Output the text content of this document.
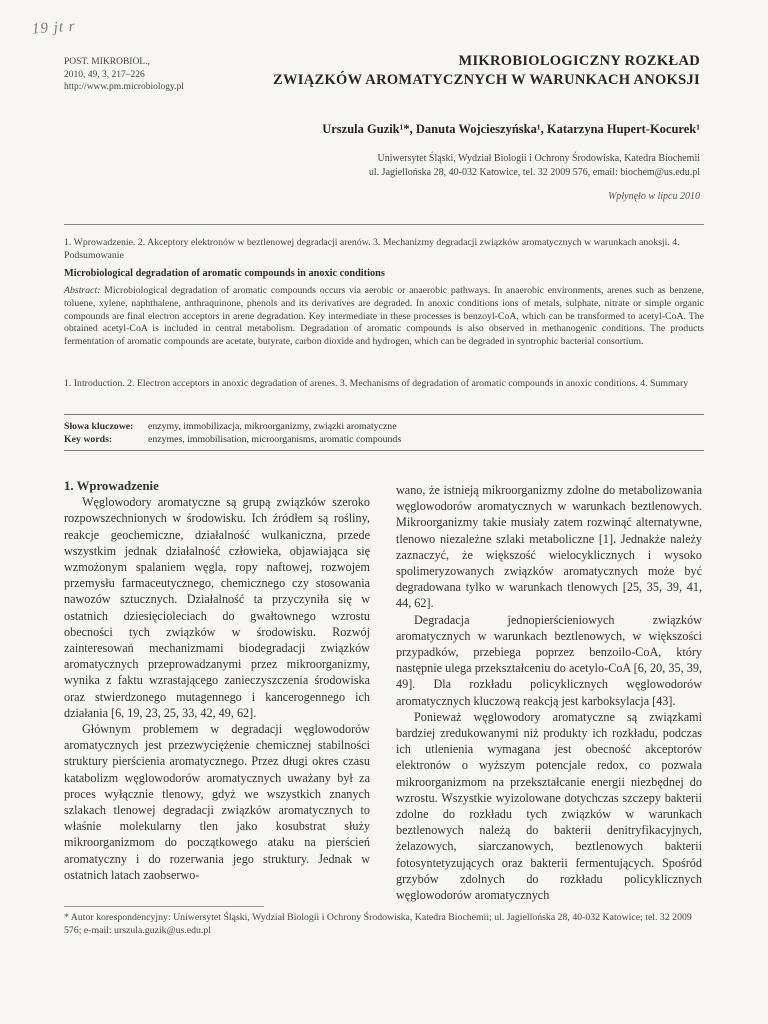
19 jt r
POST. MIKROBIOL.,
2010, 49, 3, 217–226
http://www.pm.microbiology.pl
MIKROBIOLOGICZNY ROZKŁAD
ZWIĄZKÓW AROMATYCZNYCH W WARUNKACH ANOKSJI
Urszula Guzik¹*, Danuta Wojcieszyńska¹, Katarzyna Hupert-Kocurek¹
Uniwersytet Śląski, Wydział Biologii i Ochrony Środowiska, Katedra Biochemii
ul. Jagiellońska 28, 40-032 Katowice, tel. 32 2009 576, email: biochem@us.edu.pl
Wpłynęło w lipcu 2010
1. Wprowadzenie. 2. Akceptory elektronów w beztlenowej degradacji arenów. 3. Mechanizmy degradacji związków aromatycznych w warunkach anoksji. 4. Podsumowanie
Microbiological degradation of aromatic compounds in anoxic conditions
Abstract: Microbiological degradation of aromatic compounds occurs via aerobic or anaerobic pathways. In anaerobic environments, arenes such as benzene, toluene, xylene, naphthalene, anthraquinone, phenols and its derivatives are degraded. In anoxic conditions ions of metals, sulphate, nitrate or simple organic compounds are final electron acceptors in arene degradation. Key intermediate in these processes is benzoyl-CoA, which can be transformed to acetyl-CoA. The obtained acetyl-CoA is included in central metabolism. Degradation of aromatic compounds is also observed in methanogenic conditions. The products fermentation of aromatic compounds are acetate, butyrate, carbon dioxide and hydrogen, which can be degraded in syntrophic bacterial consortium.
1. Introduction. 2. Electron acceptors in anoxic degradation of arenes. 3. Mechanisms of degradation of aromatic compounds in anoxic conditions. 4. Summary
Słowa kluczowe: enzymy, immobilizacja, mikroorganizmy, związki aromatyczne
Key words:	enzymes, immobilisation, microorganisms, aromatic compounds

1. Wprowadzenie

Węglowodory aromatyczne są grupą związków szeroko rozpowszechnionych w środowisku. Ich źródłem są rośliny, reakcje geochemiczne, działalność wulkaniczna, przede wszystkim jednak działalność człowieka, objawiająca się wzmożonym spalaniem węgla, ropy naftowej, rozwojem przemysłu farmaceutycznego, chemicznego czy stosowania nawozów sztucznych. Działalność ta przyczyniła się w ostatnich dziesięcioleciach do gwałtownego wzrostu obecności tych związków w środowisku. Rozwój zainteresowań mechanizmami biodegradacji związków aromatycznych przeprowadzanymi przez mikroorganizmy, wynika z faktu wzrastającego zanieczyszczenia środowiska oraz stwierdzonego mutagennego i kancerogennego ich działania [6, 19, 23, 25, 33, 42, 49, 62].

Głównym problemem w degradacji węglowodorów aromatycznych jest przezwyciężenie chemicznej stabilności struktury pierścienia aromatycznego. Przez długi okres czasu katabolizm węglowodorów aromatycznych uważany był za proces wyłącznie tlenowy, gdyż we wszystkich znanych szlakach tlenowej degradacji związków aromatycznych to właśnie molekularny tlen jako kosubstrat służy mikroorganizmom do początkowego ataku na pierścień aromatyczny i do rozerwania jego struktury. Jednak w ostatnich latach zaobserwo-

wano, że istnieją mikroorganizmy zdolne do metabolizowania węglowodorów aromatycznych w warunkach beztlenowych. Mikroorganizmy takie musiały zatem rozwinąć alternatywne, tlenowo niezależne szlaki metaboliczne [1]. Jednakże należy zaznaczyć, że większość wielocyklicznych i wysoko spolimeryzowanych związków aromatycznych może być degradowana tylko w warunkach tlenowych [25, 35, 39, 41, 44, 62].

Degradacja jednopierścieniowych związków aromatycznych w warunkach beztlenowych, w większości przypadków, przebiega poprzez benzoilo-CoA, który następnie ulega przekształceniu do acetylo-CoA [6, 20, 35, 39, 49]. Dla rozkładu policyklicznych węglowodorów aromatycznych kluczową reakcją jest karboksylacja [43].

Ponieważ węglowodory aromatyczne są związkami bardziej zredukowanymi niż produkty ich rozkładu, podczas ich utlenienia wymagana jest obecność akceptorów elektronów o wyższym potencjale redox, co pozwala mikroorganizmom na przekształcanie energii niezbędnej do wzrostu. Wszystkie wyizolowane dotychczas szczepy bakterii zdolne do rozkładu tych związków w warunkach beztlenowych należą do bakterii denitryfikacyjnych, żelazowych, siarczanowych, beztlenowych bakterii fotosyntetyzujących oraz bakterii fermentujących. Spośród grzybów zdolnych do rozkładu policyklicznych węglowodorów aromatycznych

* Autor korespondencyjny: Uniwersytet Śląski, Wydział Biologii i Ochrony Środowiska, Katedra Biochemii; ul. Jagiellońska 28, 40-032 Katowice; tel. 32 2009 576; e-mail: urszula.guzik@us.edu.pl
